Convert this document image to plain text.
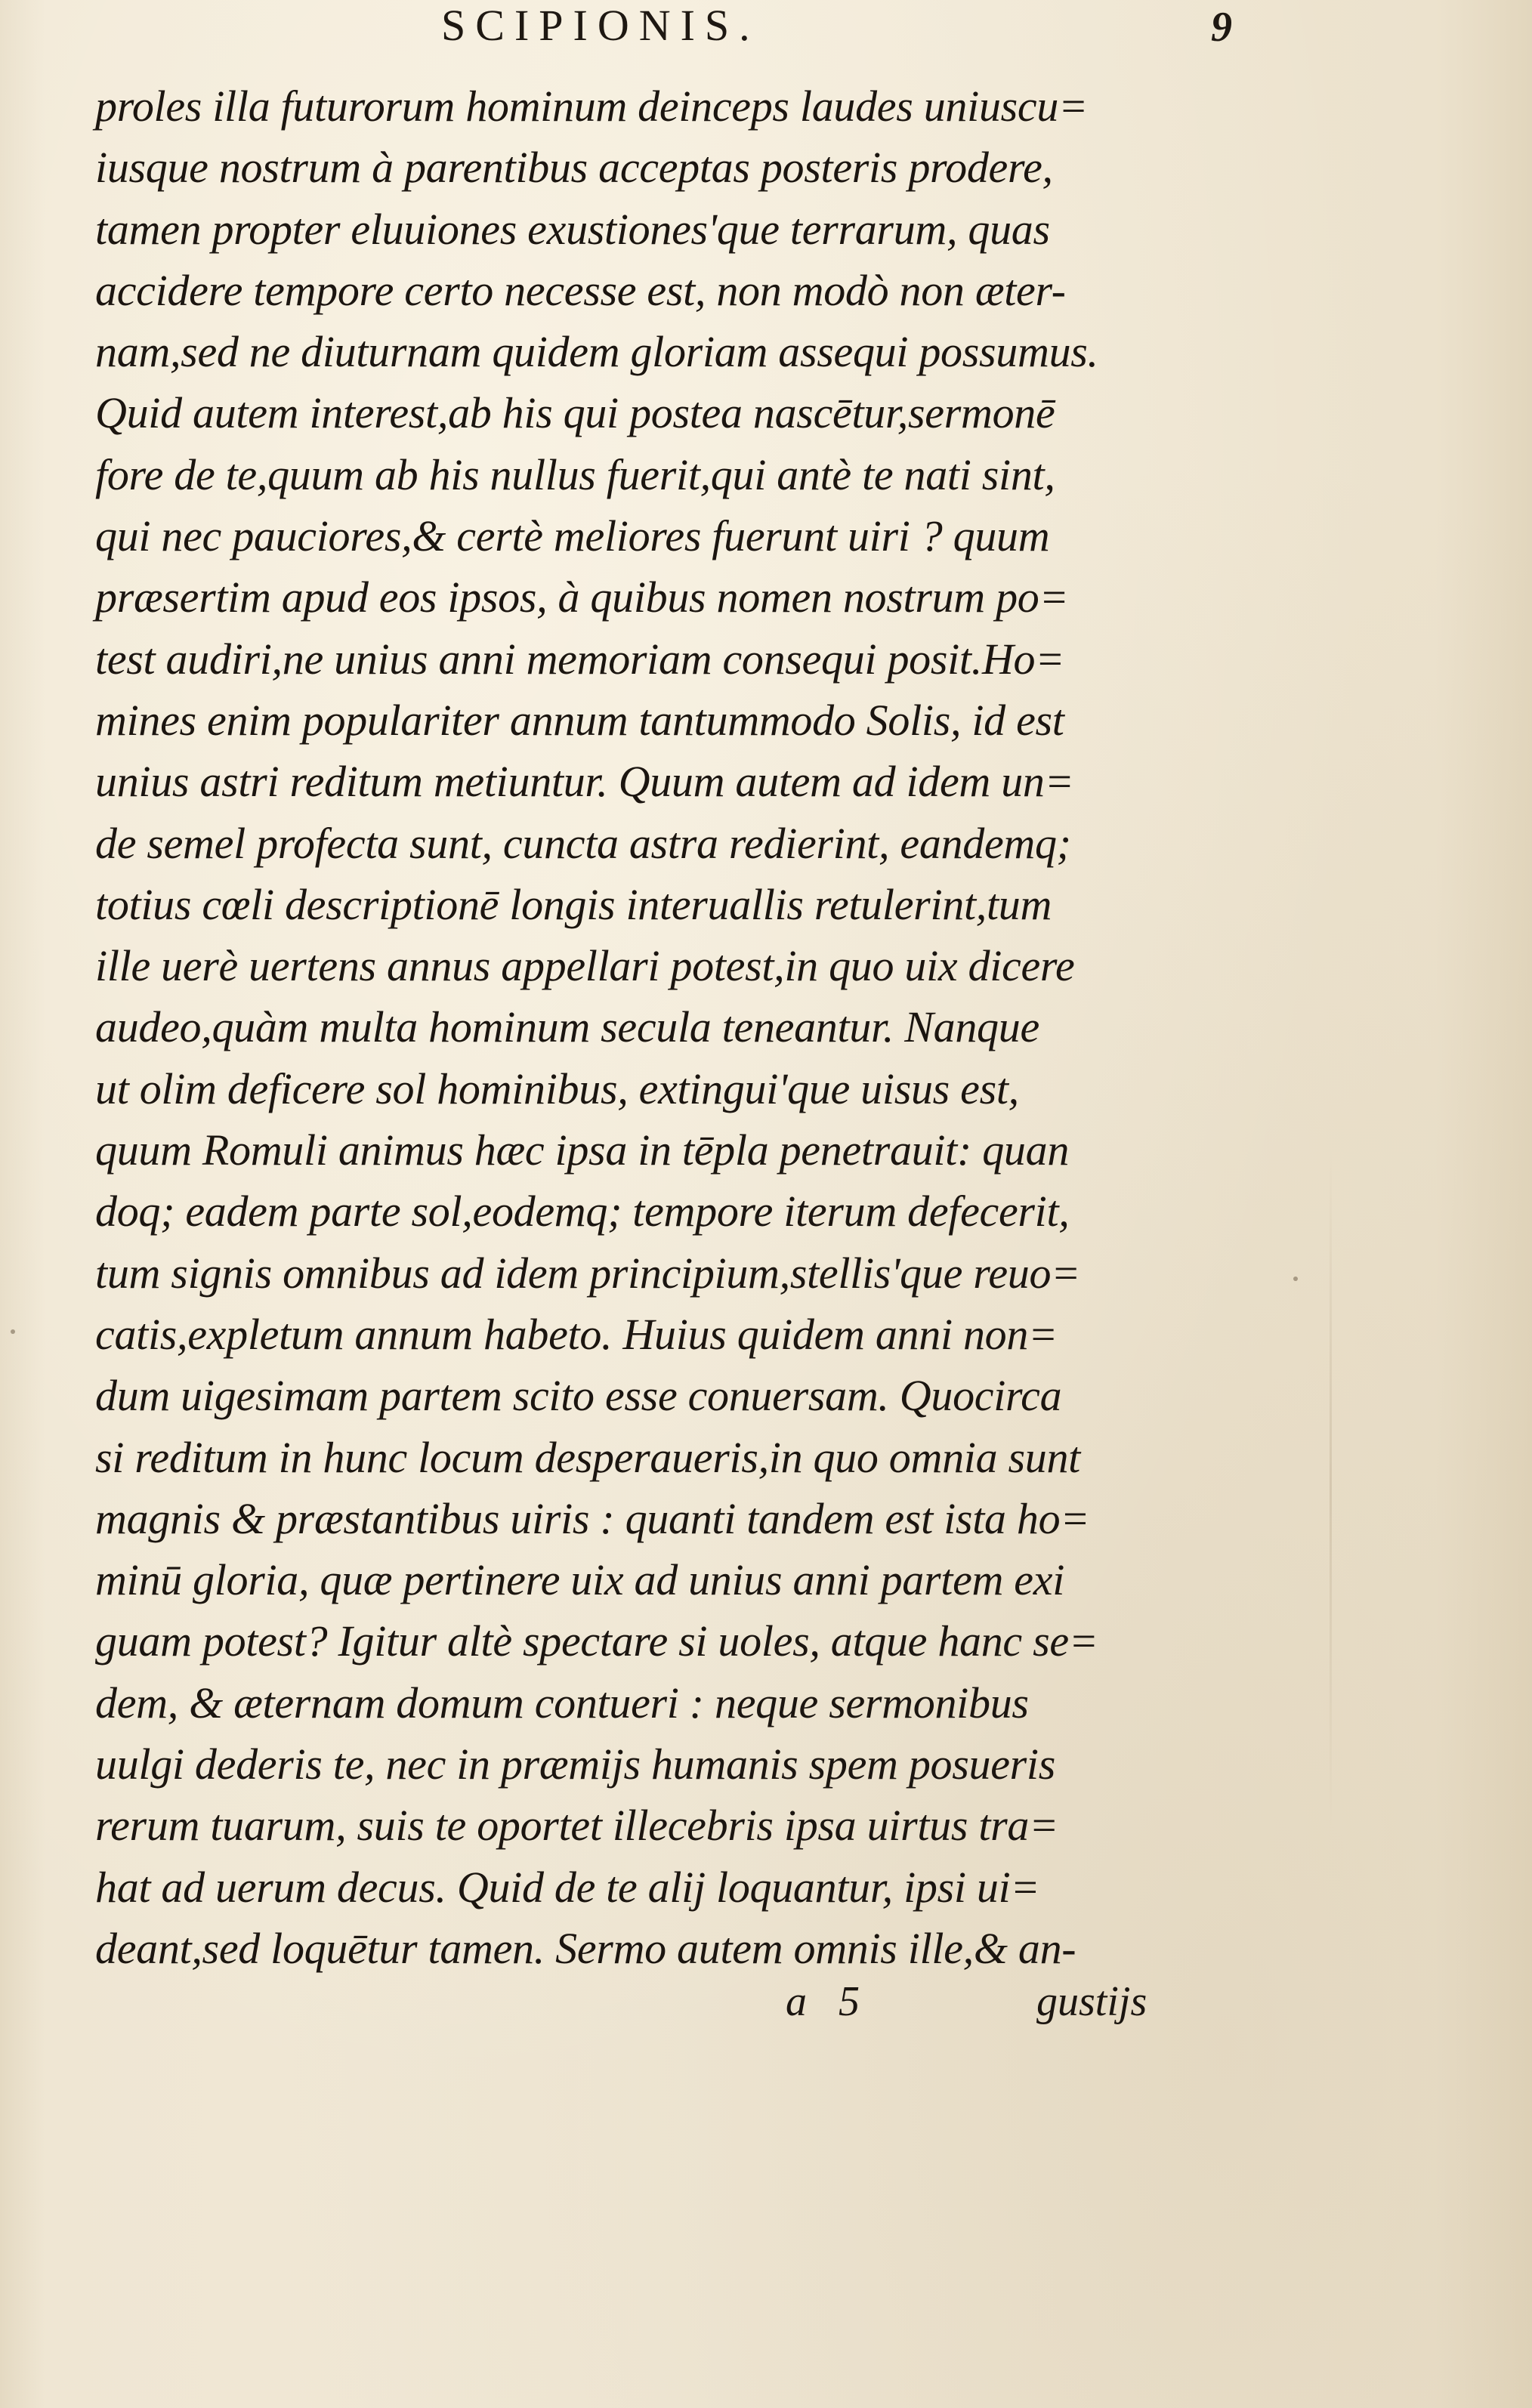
SCIPIONIS.	9
proles illa futurorum hominum deinceps laudes uniuscu=
iusque nostrum à parentibus acceptas posteris prodere,
tamen propter eluuiones exustiones'que terrarum, quas
accidere tempore certo necesse est, non modò non æter-
nam,sed ne diuturnam quidem gloriam assequi possumus.
Quid autem interest,ab his qui postea nascētur,sermonē
fore de te,quum ab his nullus fuerit,qui antè te nati sint,
qui nec pauciores,& certè meliores fuerunt uiri ? quum
præsertim apud eos ipsos, à quibus nomen nostrum po=
test audiri,ne unius anni memoriam consequi posit.Ho=
mines enim populariter annum tantummodo Solis, id est
unius astri reditum metiuntur. Quum autem ad idem un=
de semel profecta sunt, cuncta astra redierint, eandemq;
totius cœli descriptionē longis interuallis retulerint,tum
ille uerè uertens annus appellari potest,in quo uix dicere
audeo,quàm multa hominum secula teneantur. Nanque
ut olim deficere sol hominibus, extingui'que uisus est,
quum Romuli animus hæc ipsa in tēpla penetrauit: quan
doq; eadem parte sol,eodemq; tempore iterum defecerit,
tum signis omnibus ad idem principium,stellis'que reuo=
catis,expletum annum habeto. Huius quidem anni non=
dum uigesimam partem scito esse conuersam. Quocirca
si reditum in hunc locum desperaueris,in quo omnia sunt
magnis & præstantibus uiris : quanti tandem est ista ho=
minū gloria, quæ pertinere uix ad unius anni partem exi
guam potest? Igitur altè spectare si uoles, atque hanc se=
dem, & æternam domum contueri : neque sermonibus
uulgi dederis te, nec in præmijs humanis spem posueris
rerum tuarum, suis te oportet illecebris ipsa uirtus tra=
hat ad uerum decus. Quid de te alij loquantur, ipsi ui=
deant,sed loquētur tamen. Sermo autem omnis ille,& an-
a 5	gustijs
